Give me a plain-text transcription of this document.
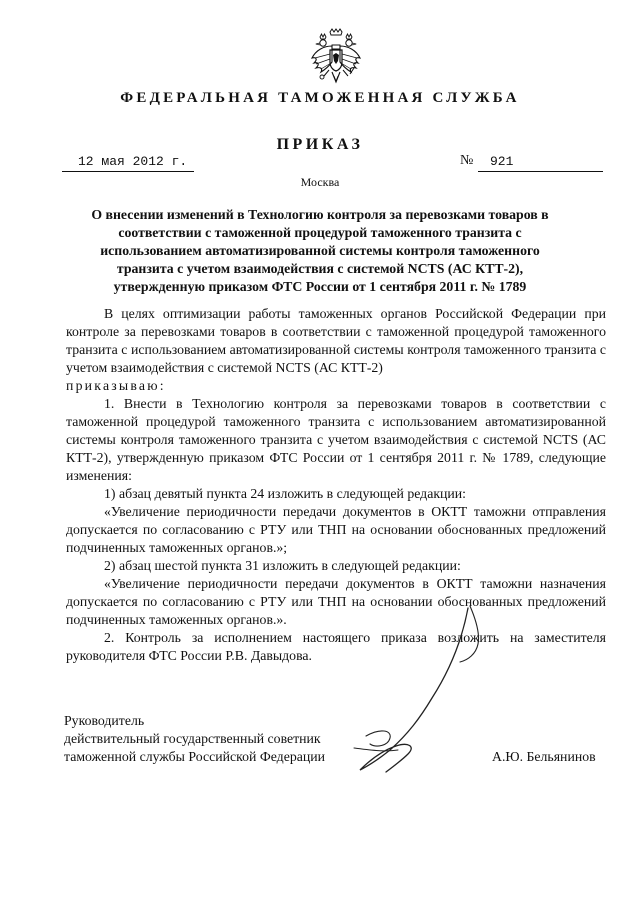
ФЕДЕРАЛЬНАЯ ТАМОЖЕННАЯ СЛУЖБА
ПРИКАЗ
12 мая 2012 г.	№ 921
Москва
О внесении изменений в Технологию контроля за перевозками товаров в
соответствии с таможенной процедурой таможенного транзита с
использованием автоматизированной системы контроля таможенного
транзита с учетом взаимодействия с системой NCTS (АС КТТ-2),
утвержденную приказом ФТС России от 1 сентября 2011 г. № 1789

В целях оптимизации работы таможенных органов Российской Федерации при контроле за перевозками товаров в соответствии с таможенной процедурой таможенного транзита с использованием автоматизированной системы контроля таможенного транзита с учетом взаимодействия с системой NCTS (АС КТТ-2)

приказываю:

1. Внести в Технологию контроля за перевозками товаров в соответствии с таможенной процедурой таможенного транзита с использованием автоматизированной системы контроля таможенного транзита с учетом взаимодействия с системой NCTS (АС КТТ-2), утвержденную приказом ФТС России от 1 сентября 2011 г. № 1789, следующие изменения:

1) абзац девятый пункта 24 изложить в следующей редакции:

«Увеличение периодичности передачи документов в ОКТТ таможни отправления допускается по согласованию с РТУ или ТНП на основании обоснованных предложений подчиненных таможенных органов.»;

2) абзац шестой пункта 31 изложить в следующей редакции:

«Увеличение периодичности передачи документов в ОКТТ таможни назначения допускается по согласованию с РТУ или ТНП на основании обоснованных предложений подчиненных таможенных органов.».

2. Контроль за исполнением настоящего приказа возложить на заместителя руководителя ФТС России Р.В. Давыдова.

Руководитель
действительный государственный советник
таможенной службы Российской Федерации	А.Ю. Бельянинов
